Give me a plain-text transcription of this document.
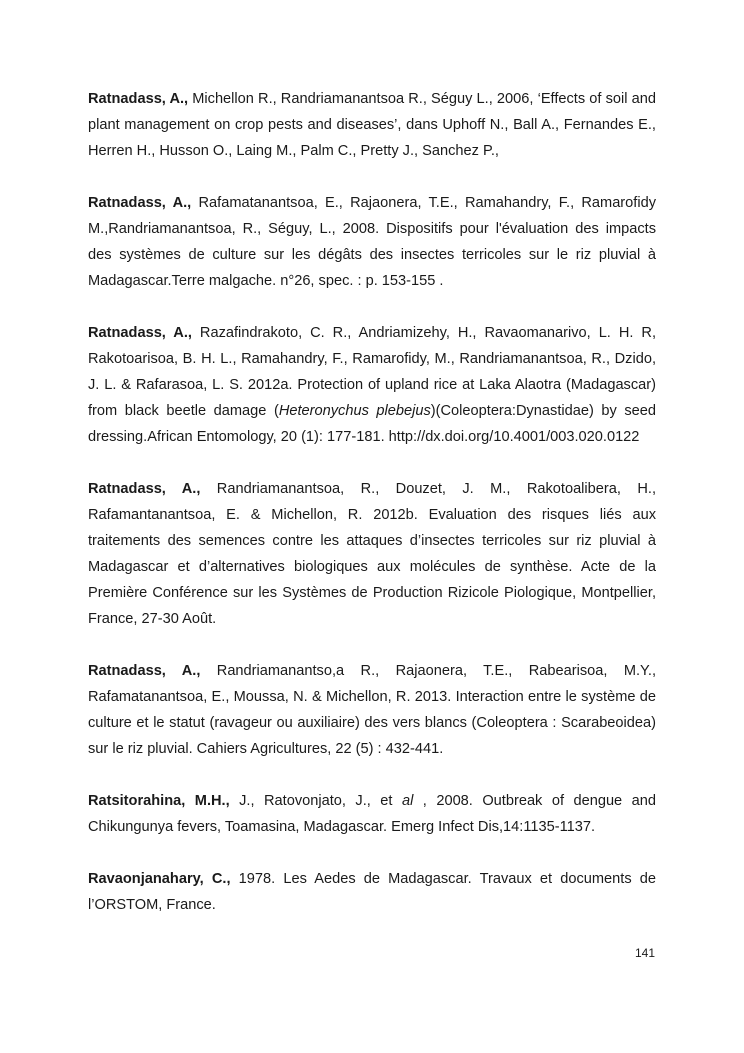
Ratnadass, A., Michellon R., Randriamanantsoa R., Séguy L., 2006, ‘Effects of soil and plant management on crop pests and diseases’, dans Uphoff N., Ball A., Fernandes E., Herren H., Husson O., Laing M., Palm C., Pretty J., Sanchez P.,

Ratnadass, A., Rafamatanantsoa, E., Rajaonera, T.E., Ramahandry, F., Ramarofidy M.,Randriamanantsoa, R., Séguy, L., 2008. Dispositifs pour l'évaluation des impacts des systèmes de culture sur les dégâts des insectes terricoles sur le riz pluvial à Madagascar.Terre malgache. n°26, spec. : p. 153-155 .

Ratnadass, A., Razafindrakoto, C. R., Andriamizehy, H., Ravaomanarivo, L. H. R, Rakotoarisoa, B. H. L., Ramahandry, F., Ramarofidy, M., Randriamanantsoa, R., Dzido, J. L. & Rafarasoa, L. S. 2012a. Protection of upland rice at Laka Alaotra (Madagascar) from black beetle damage (Heteronychus plebejus)(Coleoptera:Dynastidae) by seed dressing.African Entomology, 20 (1): 177-181. http://dx.doi.org/10.4001/003.020.0122

Ratnadass, A., Randriamanantsoa, R., Douzet, J. M., Rakotoalibera, H., Rafamantanantsoa, E. & Michellon, R. 2012b. Evaluation des risques liés aux traitements des semences contre les attaques d’insectes terricoles sur riz pluvial à Madagascar et d’alternatives biologiques aux molécules de synthèse. Acte de la Première Conférence sur les Systèmes de Production Rizicole Piologique, Montpellier, France, 27-30 Août.

Ratnadass, A., Randriamanantso,a R., Rajaonera, T.E., Rabearisoa, M.Y., Rafamatanantsoa, E., Moussa, N. & Michellon, R. 2013. Interaction entre le système de culture et le statut (ravageur ou auxiliaire) des vers blancs (Coleoptera : Scarabeoidea) sur le riz pluvial. Cahiers Agricultures, 22 (5) : 432-441.

Ratsitorahina, M.H., J., Ratovonjato, J., et al , 2008. Outbreak of dengue and Chikungunya fevers, Toamasina, Madagascar. Emerg Infect Dis,14:1135-1137.

Ravaonjanahary, C., 1978. Les Aedes de Madagascar. Travaux et documents de l’ORSTOM, France.

141
